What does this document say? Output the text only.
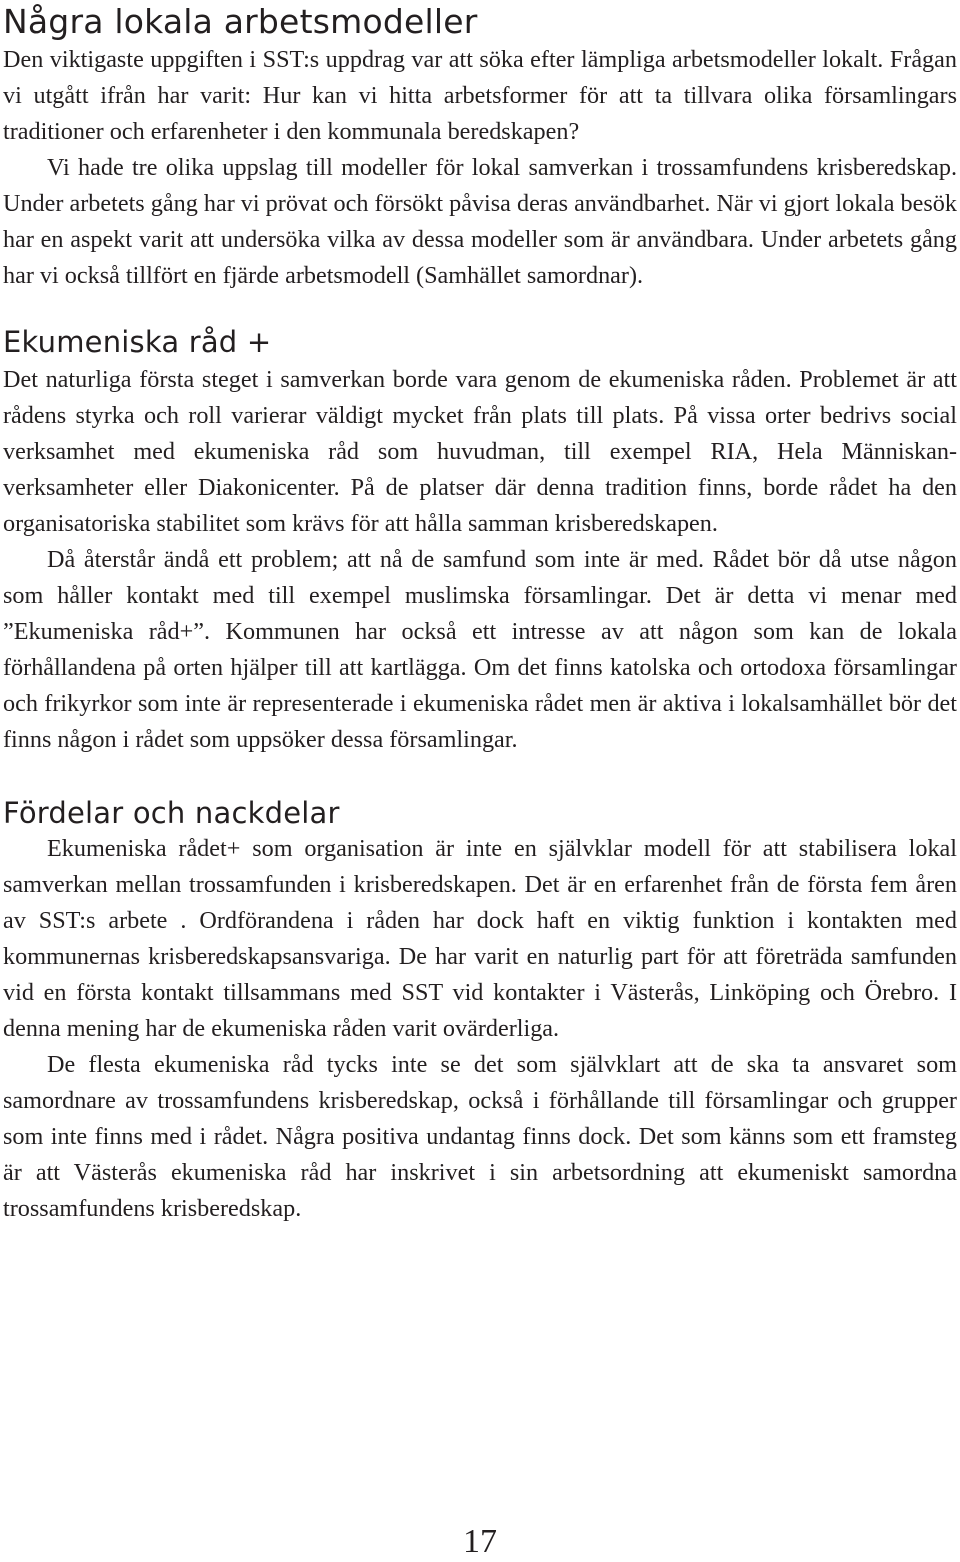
Några lokala arbetsmodeller

Den viktigaste uppgiften i SST:s uppdrag var att söka efter lämpliga arbetsmodeller lokalt. Frågan vi utgått ifrån har varit: Hur kan vi hitta arbetsformer för att ta tillvara olika församlingars traditioner och erfarenheter i den kommunala beredskapen?

Vi hade tre olika uppslag till modeller för lokal samverkan i trossamfundens krisberedskap. Under arbetets gång har vi prövat och försökt påvisa deras användbarhet. När vi gjort lokala besök har en aspekt varit att undersöka vilka av dessa modeller som är användbara. Under arbetets gång har vi också tillfört en fjärde arbetsmodell (Samhället samordnar).

Ekumeniska råd +

Det naturliga första steget i samverkan borde vara genom de ekumeniska råden. Problemet är att rådens styrka och roll varierar väldigt mycket från plats till plats. På vissa orter bedrivs social verksamhet med ekumeniska råd som huvudman, till exempel RIA, Hela Människan-verksamheter eller Diakonicenter. På de platser där denna tradition finns, borde rådet ha den organisatoriska stabilitet som krävs för att hålla samman krisberedskapen.

Då återstår ändå ett problem; att nå de samfund som inte är med. Rådet bör då utse någon som håller kontakt med till exempel muslimska församlingar. Det är detta vi menar med ”Ekumeniska råd+”. Kommunen har också ett intresse av att någon som kan de lokala förhållandena på orten hjälper till att kartlägga. Om det finns katolska och ortodoxa församlingar och frikyrkor som inte är representerade i ekumeniska rådet men är aktiva i lokalsamhället bör det finns någon i rådet som uppsöker dessa församlingar.

Fördelar och nackdelar

Ekumeniska rådet+ som organisation är inte en självklar modell för att stabilisera lokal samverkan mellan trossamfunden i krisberedskapen. Det är en erfarenhet från de första fem åren av SST:s arbete . Ordförandena i råden har dock haft en viktig funktion i kontakten med kommunernas krisberedskapsansvariga. De har varit en naturlig part för att företräda samfunden vid en första kontakt tillsammans med SST vid kontakter i Västerås, Linköping och Örebro. I denna mening har de ekumeniska råden varit ovärderliga.

De flesta ekumeniska råd tycks inte se det som självklart att de ska ta ansvaret som samordnare av trossamfundens krisberedskap, också i förhållande till församlingar och grupper som inte finns med i rådet. Några positiva undantag finns dock. Det som känns som ett framsteg är att Västerås ekumeniska råd har inskrivet i sin arbetsordning att ekumeniskt samordna trossamfundens krisberedskap.

17
